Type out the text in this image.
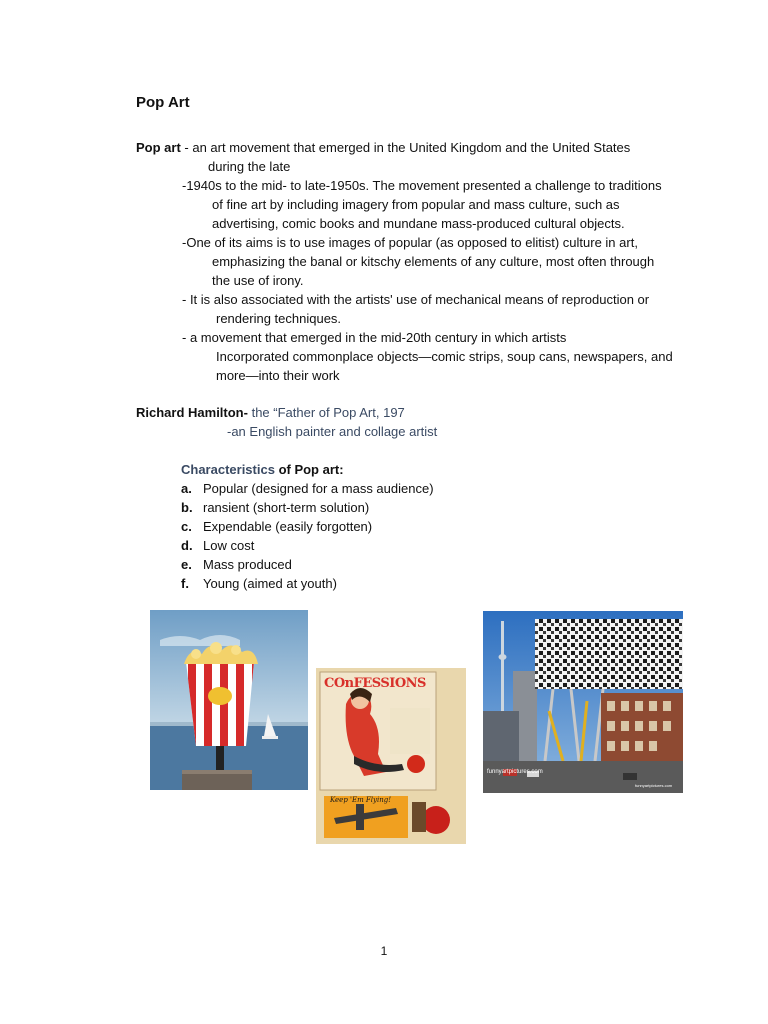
Pop Art
Pop art - an art movement that emerged in the United Kingdom and the United States
during the late
-1940s to the mid- to late-1950s. The movement presented a challenge to traditions
of fine art by including imagery from popular and mass culture, such as
advertising, comic books and mundane mass-produced cultural objects.
-One of its aims is to use images of popular (as opposed to elitist) culture in art,
emphasizing the banal or kitschy elements of any culture, most often through
the use of irony.
- It is also associated with the artists' use of mechanical means of reproduction or
rendering techniques.
- a movement that emerged in the mid-20th century in which artists
Incorporated commonplace objects—comic strips, soup cans, newspapers, and
more—into their work
Richard Hamilton- the “Father of Pop Art, 197
-an English painter and collage artist
Characteristics of Pop art:
a. Popular (designed for a mass audience)
b. ransient (short-term solution)
c. Expendable (easily forgotten)
d. Low cost
e. Mass produced
f. Young (aimed at youth)
COnFESSIONS
Keep 'Em Flying!
funnyartpictures.com
funnyartpictures.com
1
